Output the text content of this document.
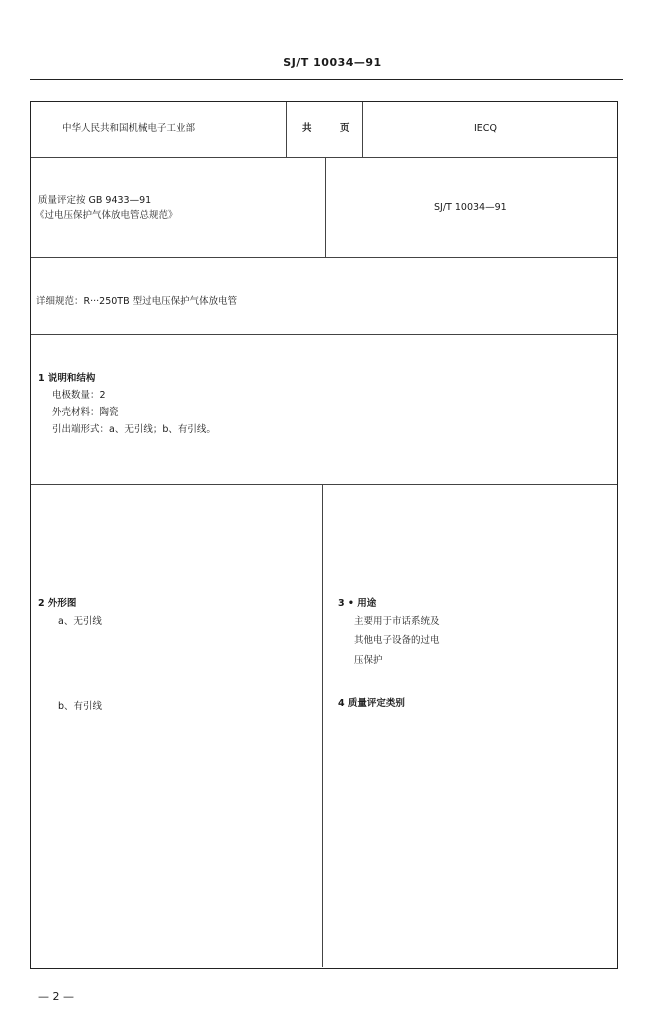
SJ/T 10034—91
中华人民共和国机械电子工业部	共	页	IECQ
质量评定按 GB 9433—91
《过电压保护气体放电管总规范》
SJ/T 10034—91
详细规范：R···250TB 型过电压保护气体放电管
1 说明和结构
电极数量：2
外壳材料：陶瓷
引出端形式：a、无引线；b、有引线。
2 外形图
a、无引线
b、有引线
3 • 用途
主要用于市话系统及
其他电子设备的过电
压保护
4 质量评定类别
— 2 —
